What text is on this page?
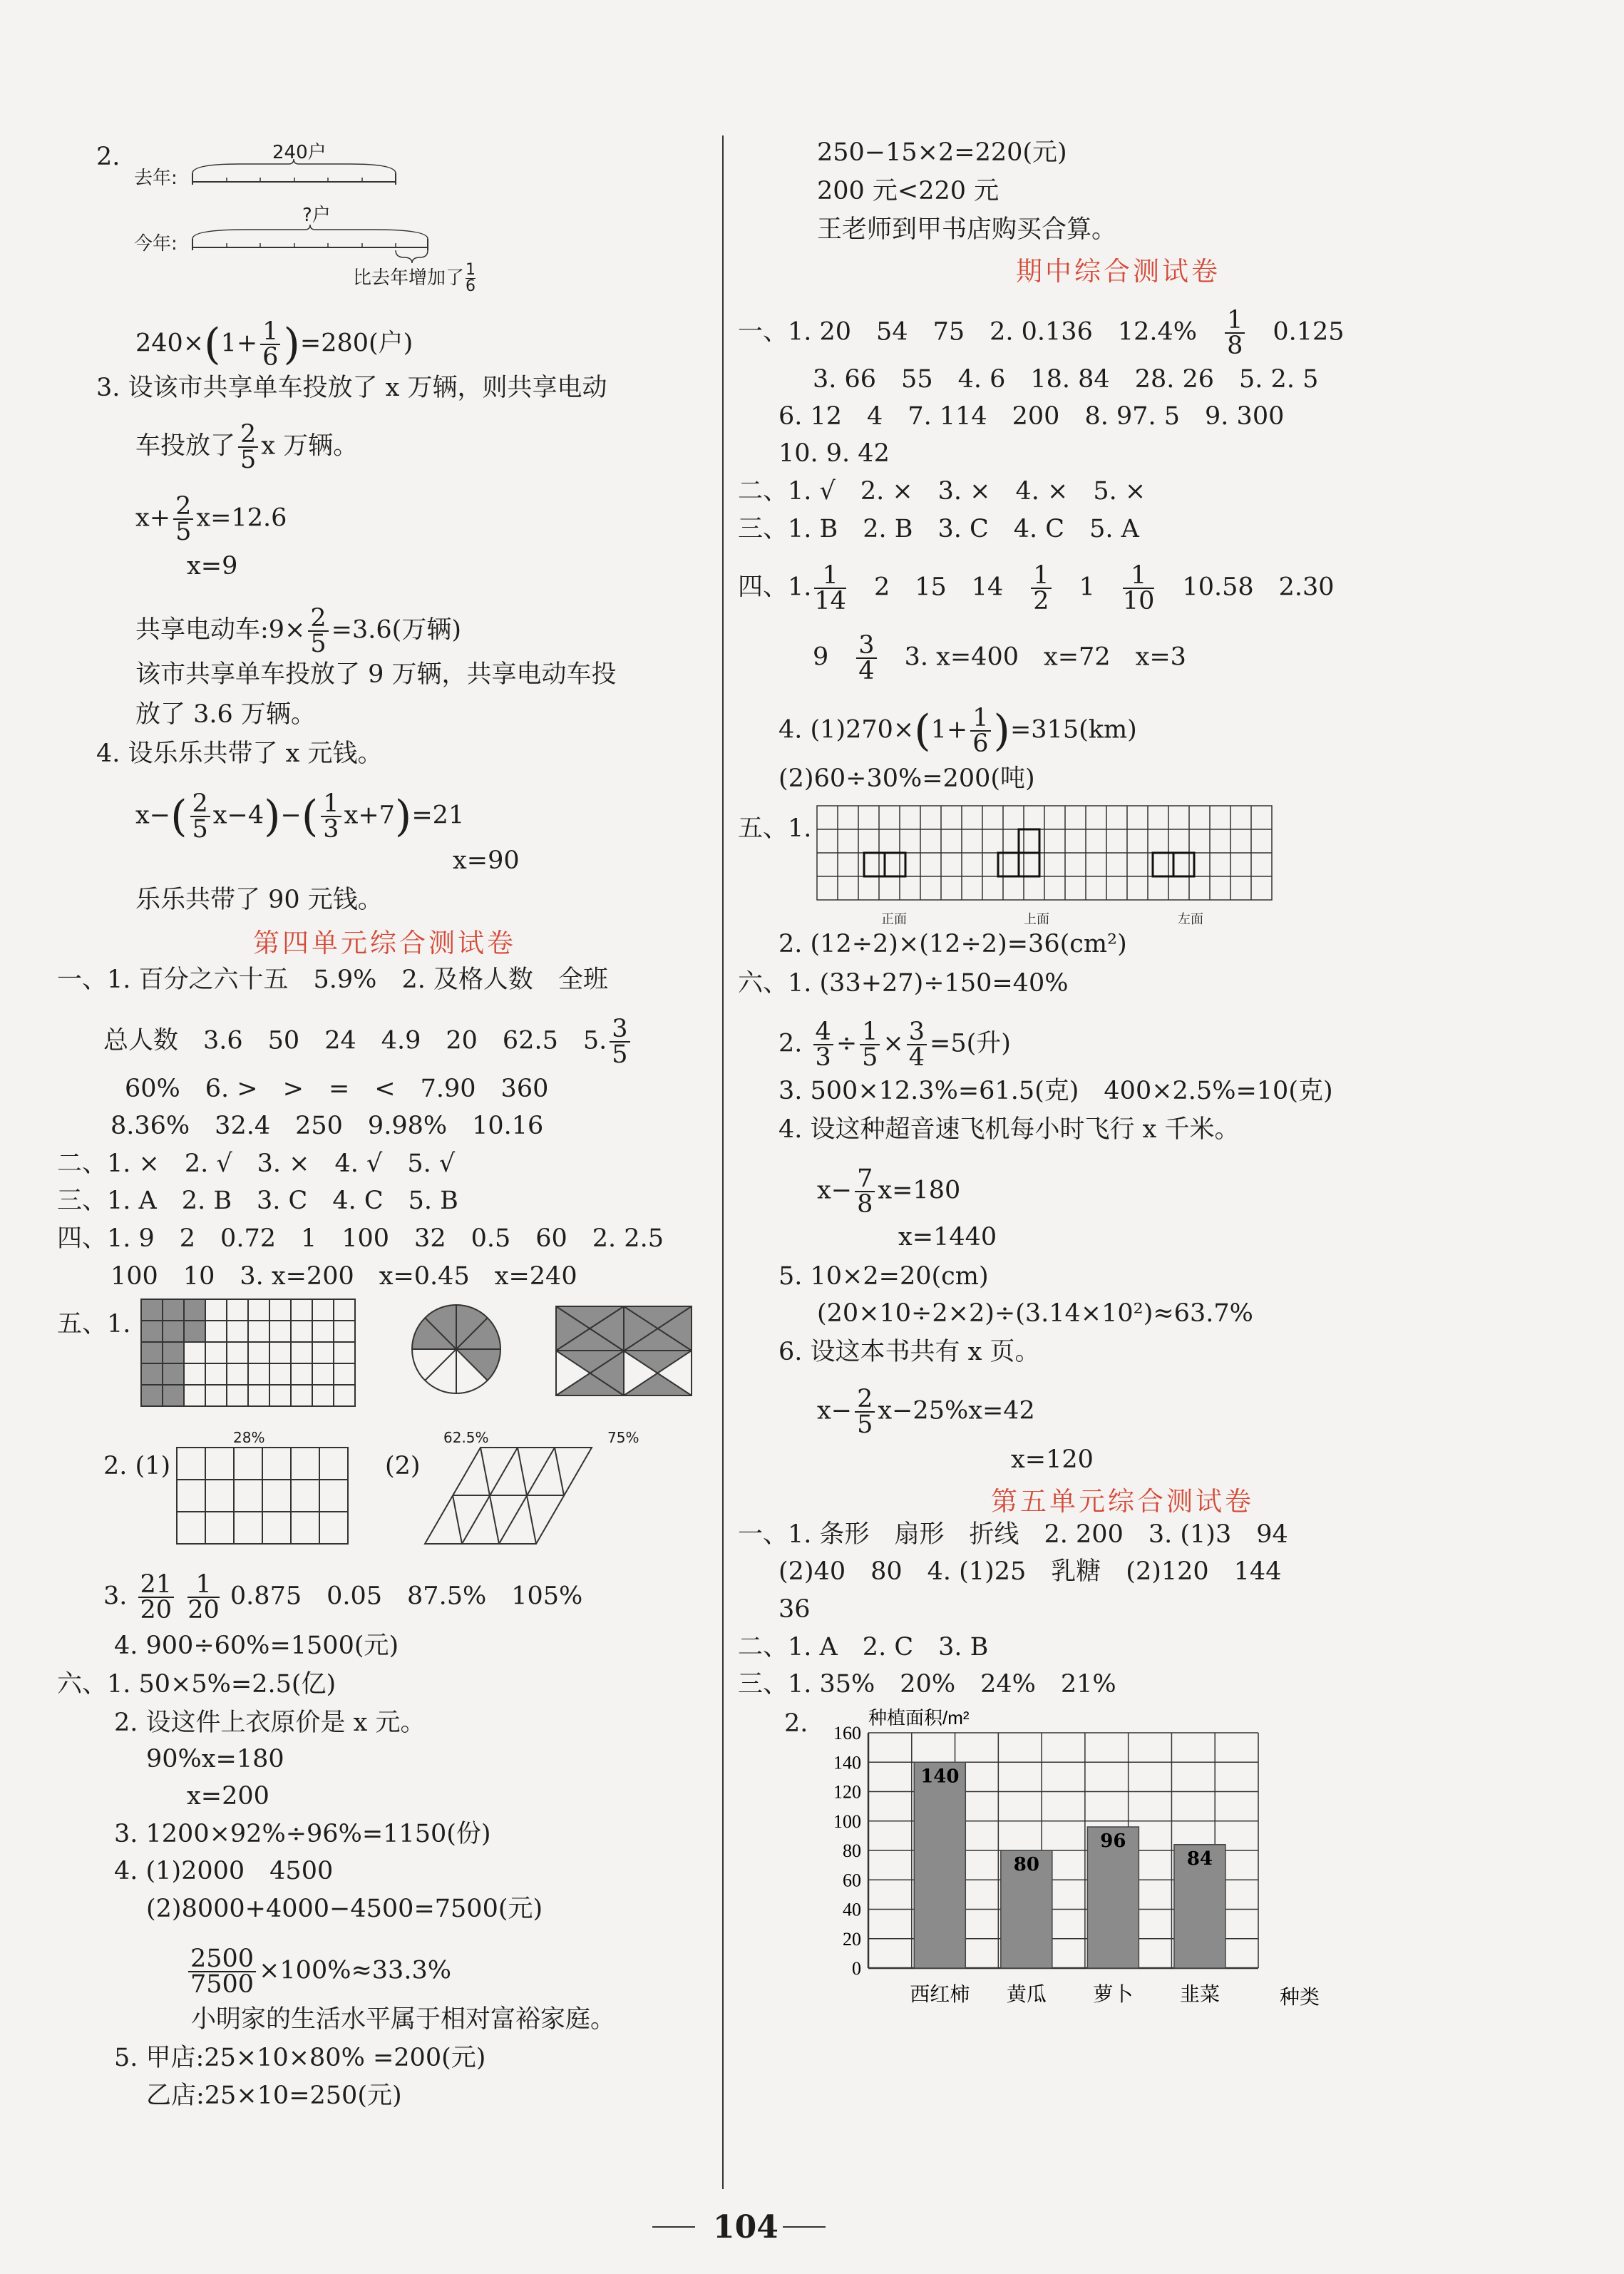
2.
去年:
今年:
240户
?户
比去年增加了 $\frac{1}{6}$
$240\times(1+ \frac{1}{6} )=280$(户)
3. 设该市共享单车投放了 x 万辆，则共享电动
车投放了 $\frac{2}{5}$ x 万辆。
$x+ \frac{2}{5} x=12.6$
x=9
共享电动车:9× $\frac{2}{5} =3.6$(万辆)
该市共享单车投放了 9 万辆，共享电动车投
放了 3.6 万辆。
4. 设乐乐共带了 x 元钱。
$x-( \frac{2}{5} x-4)-( \frac{1}{3} x+7)=21$
x=90
乐乐共带了 90 元钱。
第四单元综合测试卷
一、1. 百分之六十五　5.9%　2. 及格人数　全班
总人数　3.6　50　24　4.9　20　62.5　5. $\frac{3}{5}$
60%　6. >　>　=　<　7.90　360
8.36%　32.4　250　9.98%　10.16
二、1. ×　2. √　3. ×　4. √　5. √
三、1. A　2. B　3. C　4. C　5. B
四、1. 9　2　0.72　1　100　32　0.5　60　2. 2.5
100　10　3. x=200　x=0.45　x=240
五、1.
28%	62.5%	75%
2. (1)	(2)
3. $\frac{21}{20}$
$\frac{1}{20} 0.875$　0.05　87.5%　105%
4. 900÷60%=1500(元)
六、1. 50×5%=2.5(亿)
2. 设这件上衣原价是 x 元。
90%x=180
x=200
3. 1200×92%÷96%=1150(份)
4. (1)2000　4500
(2)8000+4000−4500=7500(元)
$\frac{2500}{7500} \times 100\%\approx 33.3\%$
小明家的生活水平属于相对富裕家庭。
5. 甲店:25×10×80% =200(元)
乙店:25×10=250(元)
250−15×2=220(元)
200 元<220 元
王老师到甲书店购买合算。
期中综合测试卷
一、1. 20　54　75　2. 0.136　12.4%　 $\frac{1}{8}$
　 0.125
3. 66　55　4. 6　18. 84　28. 26　5. 2. 5
6. 12　4　7. 114　200　8. 97. 5　9. 300
10. 9. 42
二、1. √　2. ×　3. ×　4. ×　5. ×
三、1. B　2. B　3. C　4. C　5. A
四、1. $\frac{1}{14}$ 　2　15　14　 $\frac{1}{2}$ 　1　 $\frac{1}{10}$
　 10.58　2.30
9　 $\frac{3}{4}$
　 3. x=400　x=72　x=3
4. $(1)270\times(1+ \frac{1}{6} )=315(km)$
(2)60÷30%=200(吨)
五、1.
正面	上面	左面
2. (12÷2)×(12÷2)=36(cm²)
六、1. (33+27)÷150=40%
2. $\frac{4}{3} \div \frac{1}{5} \times \frac{3}{4} =5$(升)
3. 500×12.3%=61.5(克)　400×2.5%=10(克)
4. 设这种超音速飞机每小时飞行 x 千米。
$x- \frac{7}{8} x=180$
x=1440
5. 10×2=20(cm)
(20×10÷2×2)÷(3.14×10²)≈63.7%
6. 设这本书共有 x 页。
$x- \frac{2}{5} x-25\%x=42$
x=120
第五单元综合测试卷
一、1. 条形　扇形　折线　2. 200　3. (1)3　94
(2)40　80　4. (1)25　乳糖　(2)120　144
36
二、1. A　2. C　3. B
三、1. 35%　20%　24%　21%
2.	种植面积/m²
种类
0
20
40
60
80
100
120
140
160
140
80
96
84
西红柿 黄瓜 萝卜 韭菜
104
